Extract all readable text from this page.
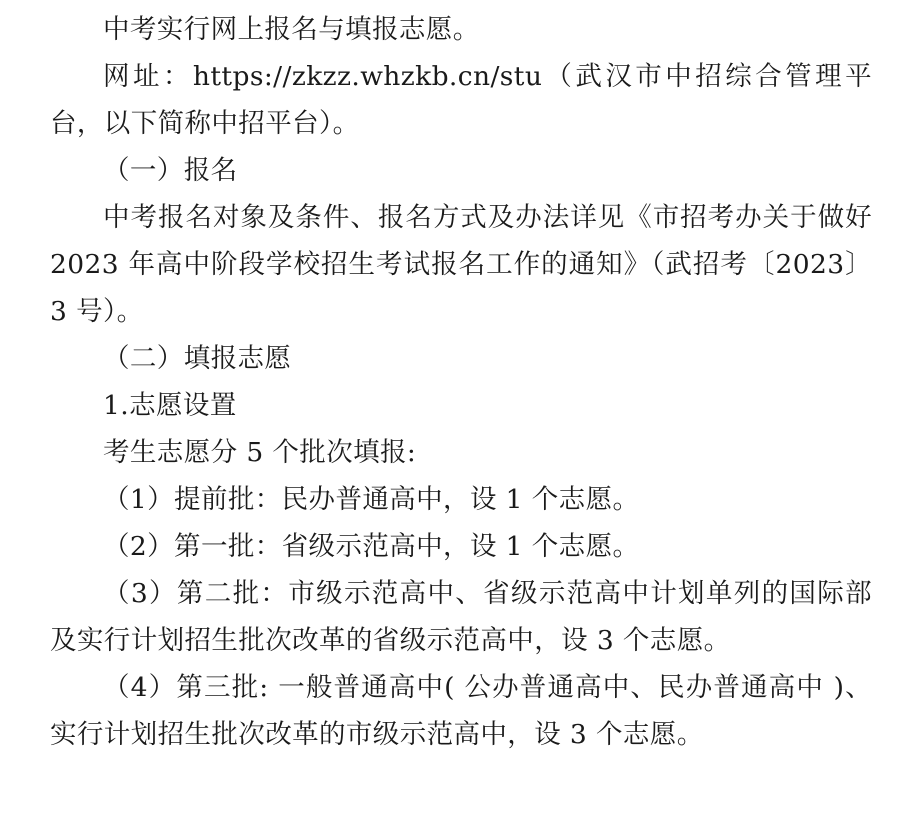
中考实行网上报名与填报志愿。

网址：https://zkzz.whzkb.cn/stu（武汉市中招综合管理平台，以下简称中招平台）。

（一）报名

中考报名对象及条件、报名方式及办法详见《市招考办关于做好 2023 年高中阶段学校招生考试报名工作的通知》（武招考〔2023〕3 号）。

（二）填报志愿

1.志愿设置

考生志愿分 5 个批次填报:

（1）提前批：民办普通高中，设 1 个志愿。

（2）第一批：省级示范高中，设 1 个志愿。

（3）第二批：市级示范高中、省级示范高中计划单列的国际部及实行计划招生批次改革的省级示范高中，设 3 个志愿。

（4）第三批: 一般普通高中( 公办普通高中、民办普通高中 )、实行计划招生批次改革的市级示范高中，设 3 个志愿。
